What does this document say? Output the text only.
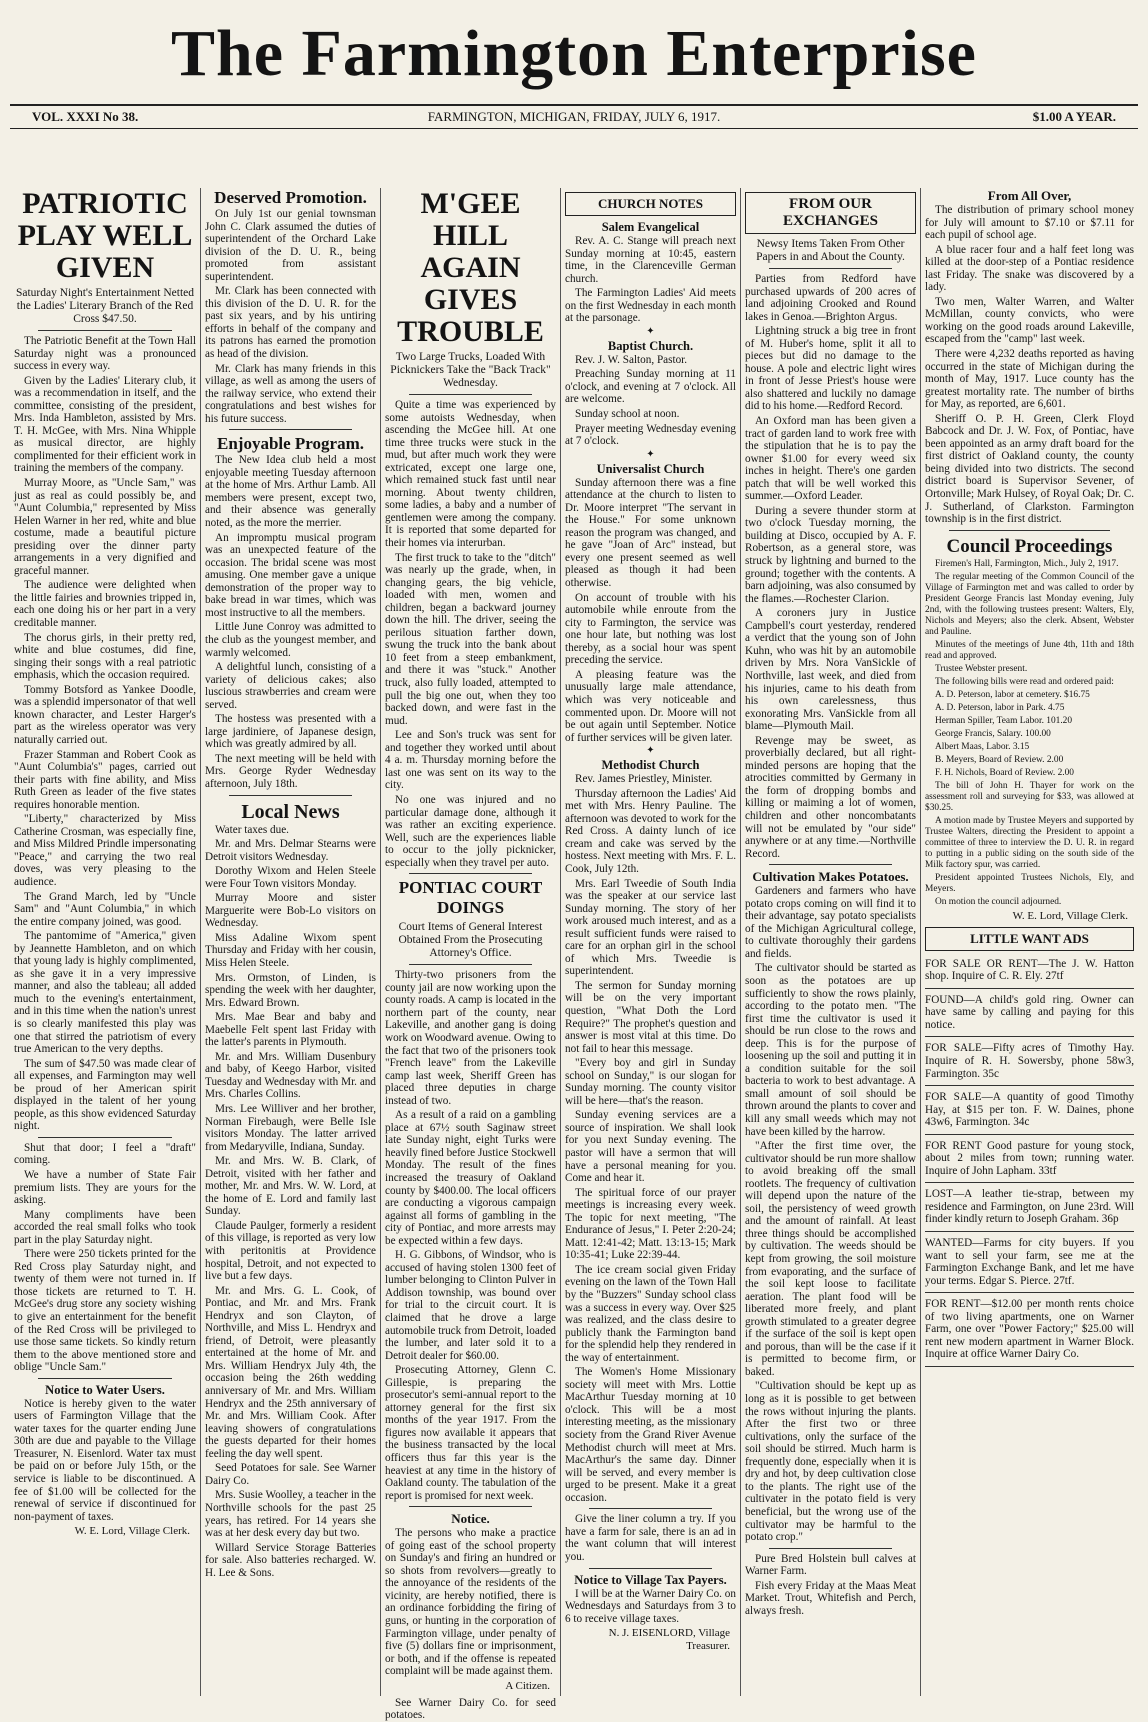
The Farmington Enterprise
VOL. XXXI No 38.	FARMINGTON, MICHIGAN, FRIDAY, JULY 6, 1917.	$1.00 A YEAR.
PATRIOTIC PLAY WELL GIVEN
Saturday Night's Entertainment Netted the Ladies' Literary Branch of the Red Cross $47.50.

The Patriotic Benefit at the Town Hall Saturday night was a pronounced success in every way.

Given by the Ladies' Literary club, it was a recommendation in itself, and the committee, consisting of the president, Mrs. Inda Hambleton, assisted by Mrs. T. H. McGee, with Mrs. Nina Whipple as musical director, are highly complimented for their efficient work in training the members of the company.

Murray Moore, as "Uncle Sam," was just as real as could possibly be, and "Aunt Columbia," represented by Miss Helen Warner in her red, white and blue costume, made a beautiful picture presiding over the dinner party arrangements in a very dignified and graceful manner.

The audience were delighted when the little fairies and brownies tripped in, each one doing his or her part in a very creditable manner.

The chorus girls, in their pretty red, white and blue costumes, did fine, singing their songs with a real patriotic emphasis, which the occasion required.

Tommy Botsford as Yankee Doodle, was a splendid impersonator of that well known character, and Lester Harger's part as the wireless operator was very naturally carried out.

Frazer Stamman and Robert Cook as "Aunt Columbia's" pages, carried out their parts with fine ability, and Miss Ruth Green as leader of the five states requires honorable mention.

"Liberty," characterized by Miss Catherine Crosman, was especially fine, and Miss Mildred Prindle impersonating "Peace," and carrying the two real doves, was very pleasing to the audience.

The Grand March, led by "Uncle Sam" and "Aunt Columbia," in which the entire company joined, was good.

The pantomime of "America," given by Jeannette Hambleton, and on which that young lady is highly complimented, as she gave it in a very impressive manner, and also the tableau; all added much to the evening's entertainment, and in this time when the nation's unrest is so clearly manifested this play was one that stirred the patriotism of every true American to the very depths.

The sum of $47.50 was made clear of all expenses, and Farmington may well be proud of her American spirit displayed in the talent of her young people, as this show evidenced Saturday night.

Shut that door; I feel a "draft" coming.

We have a number of State Fair premium lists. They are yours for the asking.

Many compliments have been accorded the real small folks who took part in the play Saturday night.

There were 250 tickets printed for the Red Cross play Saturday night, and twenty of them were not turned in. If those tickets are returned to T. H. McGee's drug store any society wishing to give an entertainment for the benefit of the Red Cross will be privileged to use those same tickets. So kindly return them to the above mentioned store and oblige "Uncle Sam."

Notice to Water Users.

Notice is hereby given to the water users of Farmington Village that the water taxes for the quarter ending June 30th are due and payable to the Village Treasurer, N. Eisenlord. Water tax must be paid on or before July 15th, or the service is liable to be discontinued. A fee of $1.00 will be collected for the renewal of service if discontinued for non-payment of taxes.

W. E. Lord, Village Clerk.
Deserved Promotion.

On July 1st our genial townsman John C. Clark assumed the duties of superintendent of the Orchard Lake division of the D. U. R., being promoted from assistant superintendent.

Mr. Clark has been connected with this division of the D. U. R. for the past six years, and by his untiring efforts in behalf of the company and its patrons has earned the promotion as head of the division.

Mr. Clark has many friends in this village, as well as among the users of the railway service, who extend their congratulations and best wishes for his future success.

Enjoyable Program.

The New Idea club held a most enjoyable meeting Tuesday afternoon at the home of Mrs. Arthur Lamb. All members were present, except two, and their absence was generally noted, as the more the merrier.

An impromptu musical program was an unexpected feature of the occasion. The bridal scene was most amusing. One member gave a unique demonstration of the proper way to bake bread in war times, which was most instructive to all the members.

Little June Conroy was admitted to the club as the youngest member, and warmly welcomed.

A delightful lunch, consisting of a variety of delicious cakes; also luscious strawberries and cream were served.

The hostess was presented with a large jardiniere, of Japanese design, which was greatly admired by all.

The next meeting will be held with Mrs. George Ryder Wednesday afternoon, July 18th.

Local News

Water taxes due.

Mr. and Mrs. Delmar Stearns were Detroit visitors Wednesday.

Dorothy Wixom and Helen Steele were Four Town visitors Monday.

Murray Moore and sister Marguerite were Bob-Lo visitors on Wednesday.

Miss Adaline Wixom spent Thursday and Friday with her cousin, Miss Helen Steele.

Mrs. Ormston, of Linden, is spending the week with her daughter, Mrs. Edward Brown.

Mrs. Mae Bear and baby and Maebelle Felt spent last Friday with the latter's parents in Plymouth.

Mr. and Mrs. William Dusenbury and baby, of Keego Harbor, visited Tuesday and Wednesday with Mr. and Mrs. Charles Collins.

Mrs. Lee Williver and her brother, Norman Firebaugh, were Belle Isle visitors Monday. The latter arrived from Medaryville, Indiana, Sunday.

Mr. and Mrs. W. B. Clark, of Detroit, visited with her father and mother, Mr. and Mrs. W. W. Lord, at the home of E. Lord and family last Sunday.

Claude Paulger, formerly a resident of this village, is reported as very low with peritonitis at Providence hospital, Detroit, and not expected to live but a few days.

Mr. and Mrs. G. L. Cook, of Pontiac, and Mr. and Mrs. Frank Hendryx and son Clayton, of Northville, and Miss L. Hendryx and friend, of Detroit, were pleasantly entertained at the home of Mr. and Mrs. William Hendryx July 4th, the occasion being the 26th wedding anniversary of Mr. and Mrs. William Hendryx and the 25th anniversary of Mr. and Mrs. William Cook. After leaving showers of congratulations the guests departed for their homes feeling the day well spent.

Seed Potatoes for sale. See Warner Dairy Co.

Mrs. Susie Woolley, a teacher in the Northville schools for the past 25 years, has retired. For 14 years she was at her desk every day but two.

Willard Service Storage Batteries for sale. Also batteries recharged. W. H. Lee & Sons.

M'GEE HILL AGAIN GIVES TROUBLE
Two Large Trucks, Loaded With Picknickers Take the "Back Track" Wednesday.

Quite a time was experienced by some autoists Wednesday, when ascending the McGee hill. At one time three trucks were stuck in the mud, but after much work they were extricated, except one large one, which remained stuck fast until near morning. About twenty children, some ladies, a baby and a number of gentlemen were among the company. It is reported that some departed for their homes via interurban.

The first truck to take to the "ditch" was nearly up the grade, when, in changing gears, the big vehicle, loaded with men, women and children, began a backward journey down the hill. The driver, seeing the perilous situation farther down, swung the truck into the bank about 10 feet from a steep embankment, and there it was "stuck." Another truck, also fully loaded, attempted to pull the big one out, when they too backed down, and were fast in the mud.

Lee and Son's truck was sent for and together they worked until about 4 a. m. Thursday morning before the last one was sent on its way to the city.

No one was injured and no particular damage done, although it was rather an exciting experience. Well, such are the experiences liable to occur to the jolly picknicker, especially when they travel per auto.

PONTIAC COURT DOINGS
Court Items of General Interest Obtained From the Prosecuting Attorney's Office.

Thirty-two prisoners from the county jail are now working upon the county roads. A camp is located in the northern part of the county, near Lakeville, and another gang is doing work on Woodward avenue. Owing to the fact that two of the prisoners took "French leave" from the Lakeville camp last week, Sheriff Green has placed three deputies in charge instead of two.

As a result of a raid on a gambling place at 67½ south Saginaw street late Sunday night, eight Turks were heavily fined before Justice Stockwell Monday. The result of the fines increased the treasury of Oakland county by $400.00. The local officers are conducting a vigorous campaign against all forms of gambling in the city of Pontiac, and more arrests may be expected within a few days.

H. G. Gibbons, of Windsor, who is accused of having stolen 1300 feet of lumber belonging to Clinton Pulver in Addison township, was bound over for trial to the circuit court. It is claimed that he drove a large automobile truck from Detroit, loaded the lumber, and later sold it to a Detroit dealer for $60.00.

Prosecuting Attorney, Glenn C. Gillespie, is preparing the prosecutor's semi-annual report to the attorney general for the first six months of the year 1917. From the figures now available it appears that the business transacted by the local officers thus far this year is the heaviest at any time in the history of Oakland county. The tabulation of the report is promised for next week.

Notice.

The persons who make a practice of going east of the school property on Sunday's and firing an hundred or so shots from revolvers—greatly to the annoyance of the residents of the vicinity, are hereby notified, there is an ordinance forbidding the firing of guns, or hunting in the corporation of Farmington village, under penalty of five (5) dollars fine or imprisonment, or both, and if the offense is repeated complaint will be made against them.

A Citizen.

See Warner Dairy Co. for seed potatoes.

CHURCH NOTES
Salem Evangelical

Rev. A. C. Stange will preach next Sunday morning at 10:45, eastern time, in the Clarenceville German church.

The Farmington Ladies' Aid meets on the first Wednesday in each month at the parsonage.

✦
Baptist Church.

Rev. J. W. Salton, Pastor.

Preaching Sunday morning at 11 o'clock, and evening at 7 o'clock. All are welcome.

Sunday school at noon.

Prayer meeting Wednesday evening at 7 o'clock.

✦
Universalist Church

Sunday afternoon there was a fine attendance at the church to listen to Dr. Moore interpret "The servant in the House." For some unknown reason the program was changed, and he gave "Joan of Arc" instead, but every one present seemed as well pleased as though it had been otherwise.

On account of trouble with his automobile while enroute from the city to Farmington, the service was one hour late, but nothing was lost thereby, as a social hour was spent preceding the service.

A pleasing feature was the unusually large male attendance, which was very noticeable and commented upon. Dr. Moore will not be out again until September. Notice of further services will be given later.

✦
Methodist Church

Rev. James Priestley, Minister.

Thursday afternoon the Ladies' Aid met with Mrs. Henry Pauline. The afternoon was devoted to work for the Red Cross. A dainty lunch of ice cream and cake was served by the hostess. Next meeting with Mrs. F. L. Cook, July 12th.

Mrs. Earl Tweedie of South India was the speaker at our service last Sunday morning. The story of her work aroused much interest, and as a result sufficient funds were raised to care for an orphan girl in the school of which Mrs. Tweedie is superintendent.

The sermon for Sunday morning will be on the very important question, "What Doth the Lord Require?" The prophet's question and answer is most vital at this time. Do not fail to hear this message.

"Every boy and girl in Sunday school on Sunday," is our slogan for Sunday morning. The county visitor will be here—that's the reason.

Sunday evening services are a source of inspiration. We shall look for you next Sunday evening. The pastor will have a sermon that will have a personal meaning for you. Come and hear it.

The spiritual force of our prayer meetings is increasing every week. The topic for next meeting, "The Endurance of Jesus," I. Peter 2:20-24; Matt. 12:41-42; Matt. 13:13-15; Mark 10:35-41; Luke 22:39-44.

The ice cream social given Friday evening on the lawn of the Town Hall by the "Buzzers" Sunday school class was a success in every way. Over $25 was realized, and the class desire to publicly thank the Farmington band for the splendid help they rendered in the way of entertainment.

The Women's Home Missionary society will meet with Mrs. Lottie MacArthur Tuesday morning at 10 o'clock. This will be a most interesting meeting, as the missionary society from the Grand River Avenue Methodist church will meet at Mrs. MacArthur's the same day. Dinner will be served, and every member is urged to be present. Make it a great occasion.

Give the liner column a try. If you have a farm for sale, there is an ad in the want column that will interest you.

Notice to Village Tax Payers.

I will be at the Warner Dairy Co. on Wednesdays and Saturdays from 3 to 6 to receive village taxes.

N. J. EISENLORD, Village Treasurer.
FROM OUR EXCHANGES
Newsy Items Taken From Other Papers in and About the County.

Parties from Redford have purchased upwards of 200 acres of land adjoining Crooked and Round lakes in Genoa.—Brighton Argus.

Lightning struck a big tree in front of M. Huber's home, split it all to pieces but did no damage to the house. A pole and electric light wires in front of Jesse Priest's house were also shattered and luckily no damage did to his home.—Redford Record.

An Oxford man has been given a tract of garden land to work free with the stipulation that he is to pay the owner $1.00 for every weed six inches in height. There's one garden patch that will be well worked this summer.—Oxford Leader.

During a severe thunder storm at two o'clock Tuesday morning, the building at Disco, occupied by A. F. Robertson, as a general store, was struck by lightning and burned to the ground; together with the contents. A barn adjoining, was also consumed by the flames.—Rochester Clarion.

A coroners jury in Justice Campbell's court yesterday, rendered a verdict that the young son of John Kuhn, who was hit by an automobile driven by Mrs. Nora VanSickle of Northville, last week, and died from his injuries, came to his death from his own carelessness, thus exonorating Mrs. VanSickle from all blame—Plymouth Mail.

Revenge may be sweet, as proverbially declared, but all right-minded persons are hoping that the atrocities committed by Germany in the form of dropping bombs and killing or maiming a lot of women, children and other noncombatants will not be emulated by "our side" anywhere or at any time.—Northville Record.

Cultivation Makes Potatoes.

Gardeners and farmers who have potato crops coming on will find it to their advantage, say potato specialists of the Michigan Agricultural college, to cultivate thoroughly their gardens and fields.

The cultivator should be started as soon as the potatoes are up sufficiently to show the rows plainly, according to the potato men. "The first time the cultivator is used it should be run close to the rows and deep. This is for the purpose of loosening up the soil and putting it in a condition suitable for the soil bacteria to work to best advantage. A small amount of soil should be thrown around the plants to cover and kill any small weeds which may not have been killed by the harrow.

"After the first time over, the cultivator should be run more shallow to avoid breaking off the small rootlets. The frequency of cultivation will depend upon the nature of the soil, the persistency of weed growth and the amount of rainfall. At least three things should be accomplished by cultivation. The weeds should be kept from growing, the soil moisture from evaporating, and the surface of the soil kept loose to facilitate aeration. The plant food will be liberated more freely, and plant growth stimulated to a greater degree if the surface of the soil is kept open and porous, than will be the case if it is permitted to become firm, or baked.

"Cultivation should be kept up as long as it is possible to get between the rows without injuring the plants. After the first two or three cultivations, only the surface of the soil should be stirred. Much harm is frequently done, especially when it is dry and hot, by deep cultivation close to the plants. The right use of the cultivater in the potato field is very beneficial, but the wrong use of the cultivator may be harmful to the potato crop."

Pure Bred Holstein bull calves at Warner Farm.

Fish every Friday at the Maas Meat Market. Trout, Whitefish and Perch, always fresh.

From All Over,

The distribution of primary school money for July will amount to $7.10 or $7.11 for each pupil of school age.

A blue racer four and a half feet long was killed at the door-step of a Pontiac residence last Friday. The snake was discovered by a lady.

Two men, Walter Warren, and Walter McMillan, county convicts, who were working on the good roads around Lakeville, escaped from the "camp" last week.

There were 4,232 deaths reported as having occurred in the state of Michigan during the month of May, 1917. Luce county has the greatest mortality rate. The number of births for May, as reported, are 6,601.

Sheriff O. P. H. Green, Clerk Floyd Babcock and Dr. J. W. Fox, of Pontiac, have been appointed as an army draft board for the first district of Oakland county, the county being divided into two districts. The second district board is Supervisor Sevener, of Ortonville; Mark Hulsey, of Royal Oak; Dr. C. J. Sutherland, of Clarkston. Farmington township is in the first district.

Council Proceedings

Firemen's Hall, Farmington, Mich., July 2, 1917.

The regular meeting of the Common Council of the Village of Farmington met and was called to order by President George Francis last Monday evening, July 2nd, with the following trustees present: Walters, Ely, Nichols and Meyers; also the clerk. Absent, Webster and Pauline.

Minutes of the meetings of June 4th, 11th and 18th read and approved.

Trustee Webster present.

The following bills were read and ordered paid:

A. D. Peterson, labor at cemetery. $16.75

A. D. Peterson, labor in Park. 4.75

Herman Spiller, Team Labor. 101.20

George Francis, Salary. 100.00

Albert Maas, Labor. 3.15

B. Meyers, Board of Review. 2.00

F. H. Nichols, Board of Review. 2.00

The bill of John H. Thayer for work on the assessment roll and surveying for $33, was allowed at $30.25.

A motion made by Trustee Meyers and supported by Trustee Walters, directing the President to appoint a committee of three to interview the D. U. R. in regard to putting in a public siding on the south side of the Milk factory spur, was carried.

President appointed Trustees Nichols, Ely, and Meyers.

On motion the council adjourned.

W. E. Lord, Village Clerk.
LITTLE WANT ADS

FOR SALE OR RENT—The J. W. Hatton shop. Inquire of C. R. Ely. 27tf

FOUND—A child's gold ring. Owner can have same by calling and paying for this notice.

FOR SALE—Fifty acres of Timothy Hay. Inquire of R. H. Sowersby, phone 58w3, Farmington. 35c

FOR SALE—A quantity of good Timothy Hay, at $15 per ton. F. W. Daines, phone 43w6, Farmington. 34c

FOR RENT Good pasture for young stock, about 2 miles from town; running water. Inquire of John Lapham. 33tf

LOST—A leather tie-strap, between my residence and Farmington, on June 23rd. Will finder kindly return to Joseph Graham. 36p

WANTED—Farms for city buyers. If you want to sell your farm, see me at the Farmington Exchange Bank, and let me have your terms. Edgar S. Pierce. 27tf.

FOR RENT—$12.00 per month rents choice of two living apartments, one on Warner Farm, one over "Power Factory;" $25.00 will rent new modern apartment in Warner Block. Inquire at office Warner Dairy Co.
